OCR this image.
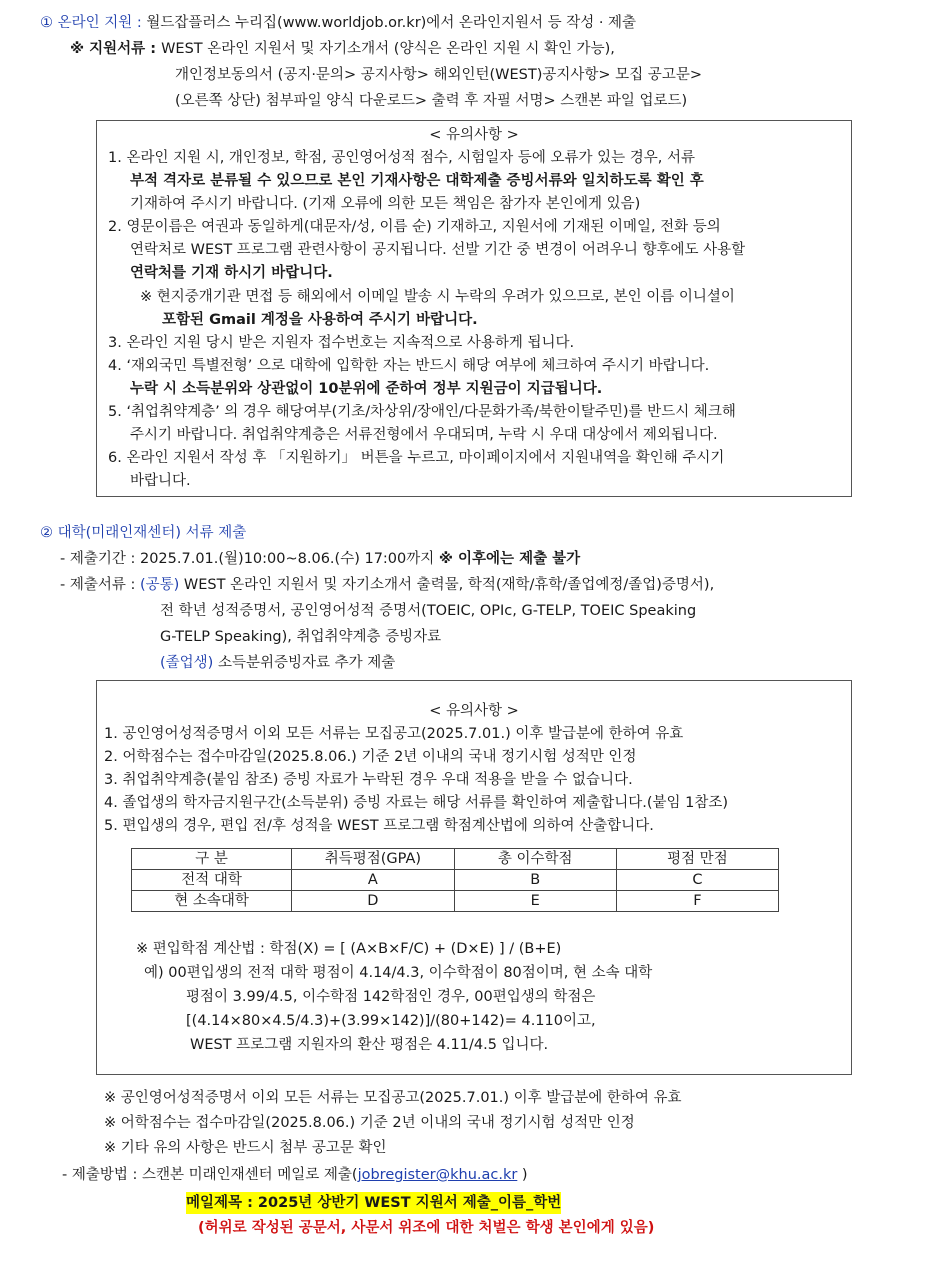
① 온라인 지원 : 월드잡플러스 누리집(www.worldjob.or.kr)에서 온라인지원서 등 작성 · 제출
※ 지원서류 : WEST 온라인 지원서 및 자기소개서 (양식은 온라인 지원 시 확인 가능),
개인정보동의서 (공지·문의> 공지사항> 해외인턴(WEST)공지사항> 모집 공고문>
(오른쪽 상단) 첨부파일 양식 다운로드> 출력 후 자필 서명> 스캔본 파일 업로드)
< 유의사항 >
1. 온라인 지원 시, 개인정보, 학점, 공인영어성적 점수, 시험일자 등에 오류가 있는 경우, 서류
부적 격자로 분류될 수 있으므로 본인 기재사항은 대학제출 증빙서류와 일치하도록 확인 후
기재하여 주시기 바랍니다. (기재 오류에 의한 모든 책임은 참가자 본인에게 있음)
2. 영문이름은 여권과 동일하게(대문자/성, 이름 순) 기재하고, 지원서에 기재된 이메일, 전화 등의
연락처로 WEST 프로그램 관련사항이 공지됩니다. 선발 기간 중 변경이 어려우니 향후에도 사용할
연락처를 기재 하시기 바랍니다.
※ 현지중개기관 면접 등 해외에서 이메일 발송 시 누락의 우려가 있으므로, 본인 이름 이니셜이
포함된 Gmail 계정을 사용하여 주시기 바랍니다.
3. 온라인 지원 당시 받은 지원자 접수번호는 지속적으로 사용하게 됩니다.
4. ‘재외국민 특별전형’ 으로 대학에 입학한 자는 반드시 해당 여부에 체크하여 주시기 바랍니다.
누락 시 소득분위와 상관없이 10분위에 준하여 정부 지원금이 지급됩니다.
5. ‘취업취약계층’ 의 경우 해당여부(기초/차상위/장애인/다문화가족/북한이탈주민)를 반드시 체크해
주시기 바랍니다. 취업취약계층은 서류전형에서 우대되며, 누락 시 우대 대상에서 제외됩니다.
6. 온라인 지원서 작성 후 「지원하기」 버튼을 누르고, 마이페이지에서 지원내역을 확인해 주시기
바랍니다.
② 대학(미래인재센터) 서류 제출
- 제출기간 : 2025.7.01.(월)10:00~8.06.(수) 17:00까지 ※ 이후에는 제출 불가
- 제출서류 : (공통) WEST 온라인 지원서 및 자기소개서 출력물, 학적(재학/휴학/졸업예정/졸업)증명서),
전 학년 성적증명서, 공인영어성적 증명서(TOEIC, OPIc, G-TELP, TOEIC Speaking
G-TELP Speaking), 취업취약계층 증빙자료
(졸업생) 소득분위증빙자료 추가 제출
< 유의사항 >
1. 공인영어성적증명서 이외 모든 서류는 모집공고(2025.7.01.) 이후 발급분에 한하여 유효
2. 어학점수는 접수마감일(2025.8.06.) 기준 2년 이내의 국내 정기시험 성적만 인정
3. 취업취약계층(붙임 참조) 증빙 자료가 누락된 경우 우대 적용을 받을 수 없습니다.
4. 졸업생의 학자금지원구간(소득분위) 증빙 자료는 해당 서류를 확인하여 제출합니다.(붙임 1참조)
5. 편입생의 경우, 편입 전/후 성적을 WEST 프로그램 학점계산법에 의하여 산출합니다.
구 분	취득평점(GPA)	총 이수학점	평점 만점
전적 대학	A	B	C
현 소속대학	D	E	F
※ 편입학점 계산법 : 학점(X) = [ (A×B×F/C) + (D×E) ] / (B+E)
예) 00편입생의 전적 대학 평점이 4.14/4.3, 이수학점이 80점이며, 현 소속 대학
평점이 3.99/4.5, 이수학점 142학점인 경우, 00편입생의 학점은
[(4.14×80×4.5/4.3)+(3.99×142)]/(80+142)= 4.110이고,
WEST 프로그램 지원자의 환산 평점은 4.11/4.5 입니다.
※ 공인영어성적증명서 이외 모든 서류는 모집공고(2025.7.01.) 이후 발급분에 한하여 유효
※ 어학점수는 접수마감일(2025.8.06.) 기준 2년 이내의 국내 정기시험 성적만 인정
※ 기타 유의 사항은 반드시 첨부 공고문 확인
- 제출방법 : 스캔본 미래인재센터 메일로 제출(jobregister@khu.ac.kr )
메일제목 : 2025년 상반기 WEST 지원서 제출_이름_학번
(허위로 작성된 공문서, 사문서 위조에 대한 처벌은 학생 본인에게 있음)
